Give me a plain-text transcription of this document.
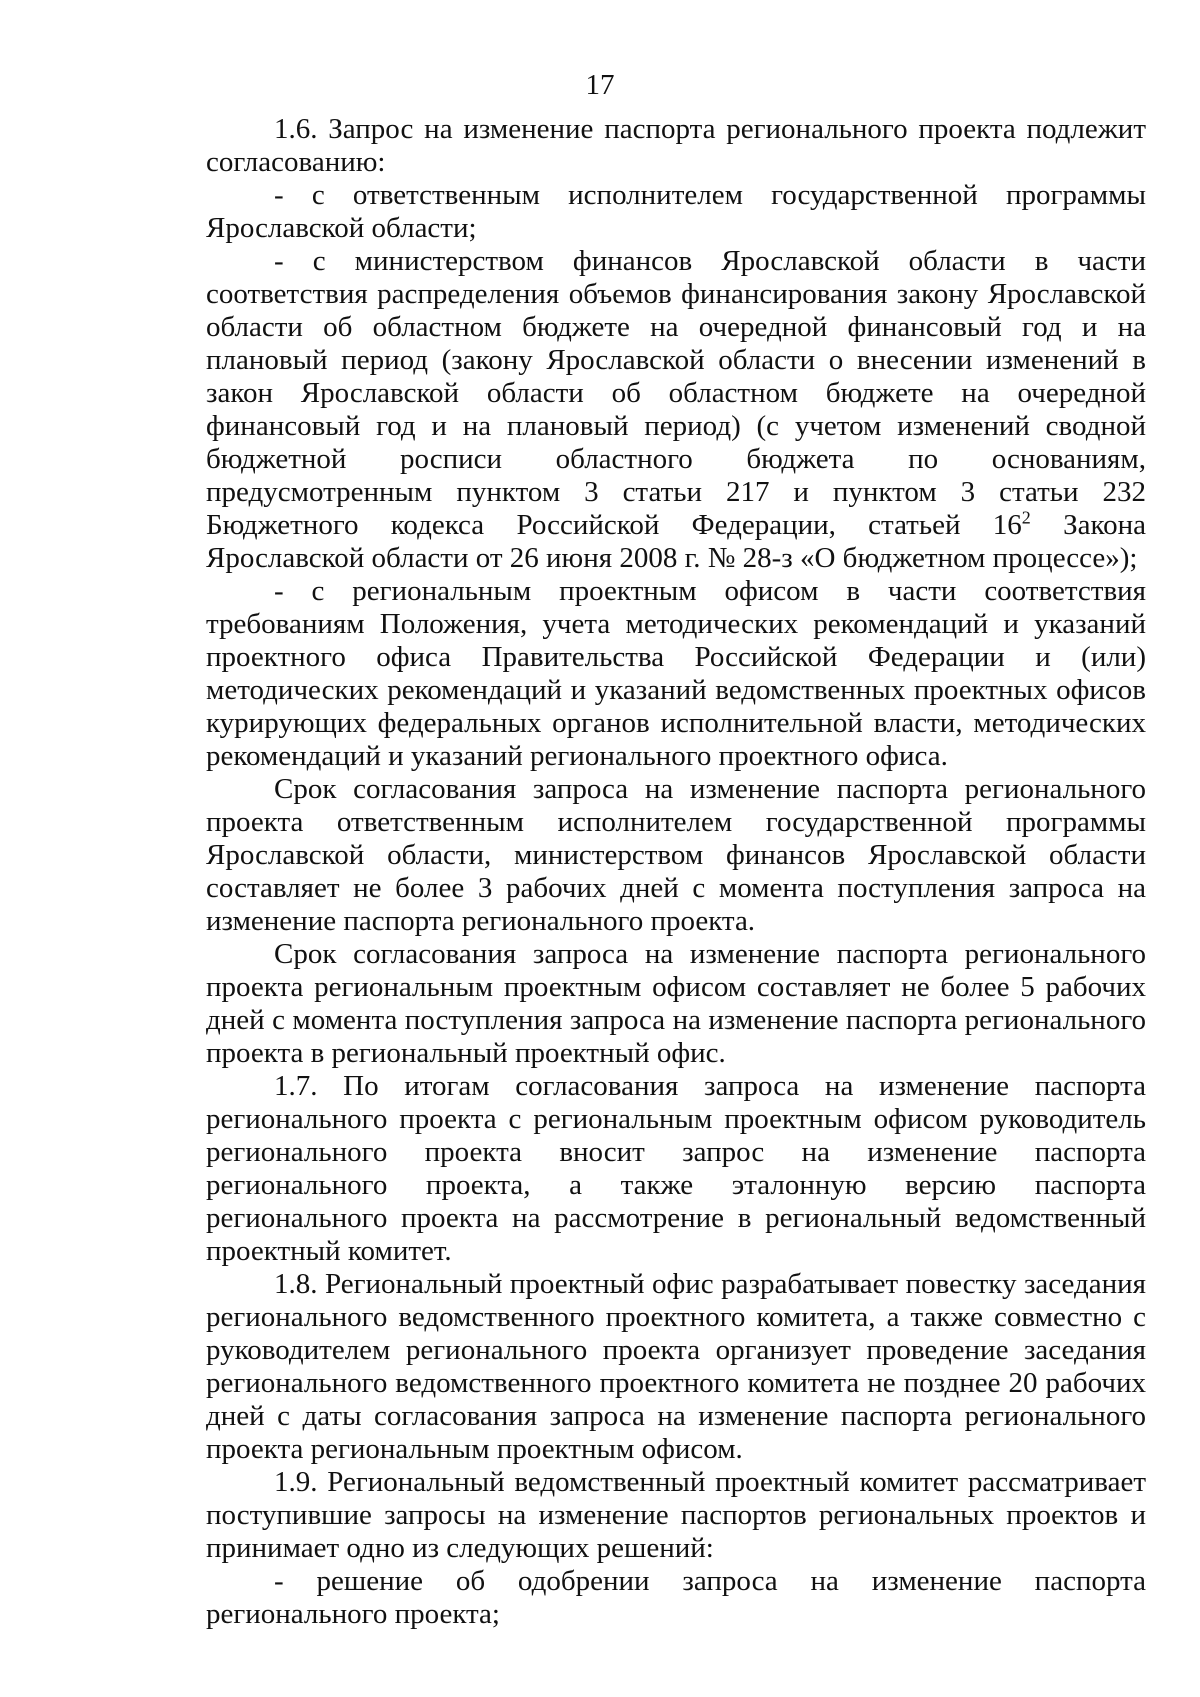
17

1.6. Запрос на изменение паспорта регионального проекта подлежит согласованию:

- с ответственным исполнителем государственной программы Ярославской области;

- с министерством финансов Ярославской области в части соответствия распределения объемов финансирования закону Ярославской области об областном бюджете на очередной финансовый год и на плановый период (закону Ярославской области о внесении изменений в закон Ярославской области об областном бюджете на очередной финансовый год и на плановый период) (с учетом изменений сводной бюджетной росписи областного бюджета по основаниям, предусмотренным пунктом 3 статьи 217 и пунктом 3 статьи 232 Бюджетного кодекса Российской Федерации, статьей $16^2$ Закона Ярославской области от 26 июня 2008 г. № 28-з «О бюджетном процессе»);

- с региональным проектным офисом в части соответствия требованиям Положения, учета методических рекомендаций и указаний проектного офиса Правительства Российской Федерации и (или) методических рекомендаций и указаний ведомственных проектных офисов курирующих федеральных органов исполнительной власти, методических рекомендаций и указаний регионального проектного офиса.

Срок согласования запроса на изменение паспорта регионального проекта ответственным исполнителем государственной программы Ярославской области, министерством финансов Ярославской области составляет не более 3 рабочих дней с момента поступления запроса на изменение паспорта регионального проекта.

Срок согласования запроса на изменение паспорта регионального проекта региональным проектным офисом составляет не более 5 рабочих дней с момента поступления запроса на изменение паспорта регионального проекта в региональный проектный офис.

1.7. По итогам согласования запроса на изменение паспорта регионального проекта с региональным проектным офисом руководитель регионального проекта вносит запрос на изменение паспорта регионального проекта, а также эталонную версию паспорта регионального проекта на рассмотрение в региональный ведомственный проектный комитет.

1.8. Региональный проектный офис разрабатывает повестку заседания регионального ведомственного проектного комитета, а также совместно с руководителем регионального проекта организует проведение заседания регионального ведомственного проектного комитета не позднее 20 рабочих дней с даты согласования запроса на изменение паспорта регионального проекта региональным проектным офисом.

1.9. Региональный ведомственный проектный комитет рассматривает поступившие запросы на изменение паспортов региональных проектов и принимает одно из следующих решений:

- решение об одобрении запроса на изменение паспорта регионального проекта;
